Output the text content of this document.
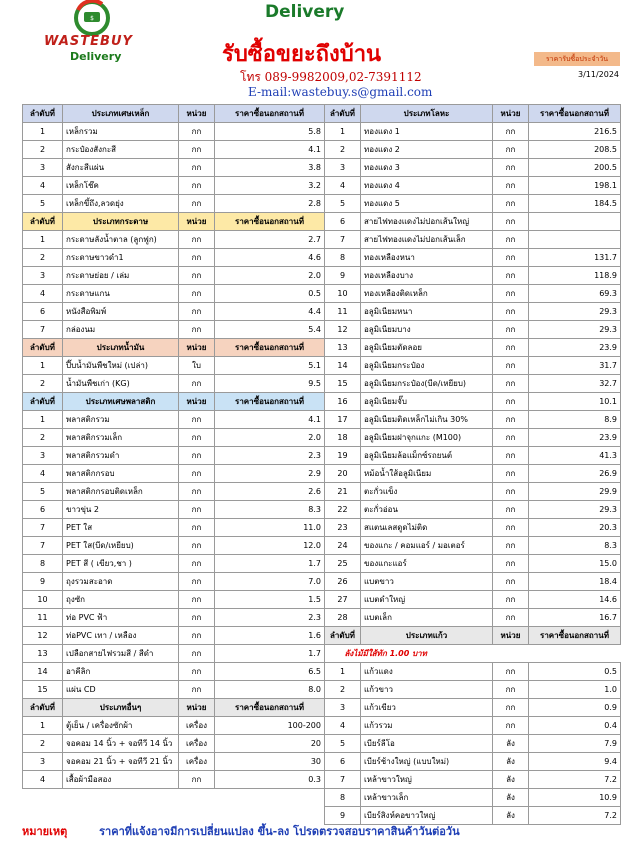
$
WASTEBUY
Delivery
Delivery
รับซื้อขยะถึงบ้าน
โทร 089-9982009,02-7391112
E-mail:wastebuy.s@gmail.com
ราคารับซื้อประจำวัน
3/11/2024
ลำดับที่	ประเภทเศษเหล็ก	หน่วย	ราคาซื้อนอกสถานที่
1	เหล็กรวม	กก	5.8
2	กระป๋องสังกะสี	กก	4.1
3	สังกะสีแผ่น	กก	3.8
4	เหล็กโช๊ค	กก	3.2
5	เหล็กขึ้ถึง,ลวดยุ่ง	กก	2.8
ลำดับที่	ประเภทกระดาษ	หน่วย	ราคาซื้อนอกสถานที่
1	กระดาษลังน้ำตาล (ลูกฟูก)	กก	2.7
2	กระดาษขาวดำ1	กก	4.6
3	กระดาษย่อย / เล่ม	กก	2.0
4	กระดาษแกน	กก	0.5
6	หนังสือพิมพ์	กก	4.4
7	กล่องนม	กก	5.4
ลำดับที่	ประเภทน้ำมัน	หน่วย	ราคาซื้อนอกสถานที่
1	ปี๊บน้ำมันพืชใหม่ (เปล่า)	ใบ	5.1
2	น้ำมันพืชเก่า (KG)	กก	9.5
ลำดับที่	ประเภทเศษพลาสติก	หน่วย	ราคาซื้อนอกสถานที่
1	พลาสติกรวม	กก	4.1
2	พลาสติกรวมเล็ก	กก	2.0
3	พลาสติกรวมดำ	กก	2.3
4	พลาสติกกรอบ	กก	2.9
5	พลาสติกกรอบติดเหล็ก	กก	2.6
6	ขาวขุ่น 2	กก	8.3
7	PET ใส	กก	11.0
7	PET ใส(บีด/เหยียบ)	กก	12.0
8	PET สี ( เขียว,ชา )	กก	1.7
9	ถุงรวมสะอาด	กก	7.0
10	ถุงซัก	กก	1.5
11	ท่อ PVC ฟ้า	กก	2.3
12	ท่อPVC เทา / เหลือง	กก	1.6
13	เปลือกสายไฟรวมสี / สีดำ	กก	1.7
14	อาคีลิก	กก	6.5
15	แผ่น CD	กก	8.0
ลำดับที่	ประเภทอื่นๆ	หน่วย	ราคาซื้อนอกสถานที่
1	ตู้เย็น / เครื่องซักผ้า	เครื่อง	100-200
2	จอคอม 14 นิ้ว + จอทีวี 14 นิ้ว	เครื่อง	20
3	จอคอม 21 นิ้ว + จอทีวี 21 นิ้ว	เครื่อง	30
4	เสื้อผ้ามือสอง	กก	0.3
ลำดับที่	ประเภทโลหะ	หน่วย	ราคาซื้อนอกสถานที่
1	ทองแดง 1	กก	216.5
2	ทองแดง 2	กก	208.5
3	ทองแดง 3	กก	200.5
4	ทองแดง 4	กก	198.1
5	ทองแดง 5	กก	184.5
6	สายไฟทองแดงไม่ปอกเส้นใหญ่	กก	
7	สายไฟทองแดงไม่ปอกเส้นเล็ก	กก	
8	ทองเหลืองหนา	กก	131.7
9	ทองเหลืองบาง	กก	118.9
10	ทองเหลืองติดเหล็ก	กก	69.3
11	อลูมิเนียมหนา	กก	29.3
12	อลูมิเนียมบาง	กก	29.3
13	อลูมิเนียมตัดลอย	กก	23.9
14	อลูมิเนียมกระป๋อง	กก	31.7
15	อลูมิเนียมกระป๋อง(บีด/เหยียบ)	กก	32.7
16	อลูมิเนียมจั๊บ	กก	10.1
17	อลูมิเนียมติดเหล็กไม่เกิน 30%	กก	8.9
18	อลูมิเนียมฝาจุกแกะ (M100)	กก	23.9
19	อลูมิเนียมล้อแม็กซ์รถยนต์	กก	41.3
20	หม้อน้ำใส้อลูมิเนียม	กก	26.9
21	ตะกั่วแข็ง	กก	29.9
22	ตะกั่วอ่อน	กก	29.3
23	สแตนเลสดูดไม่ติด	กก	20.3
24	ของแกะ / คอมแอร์ / มอเตอร์	กก	8.3
25	ของแกะแอร์	กก	15.0
26	แบตขาว	กก	18.4
27	แบตดำใหญ่	กก	14.6
28	แบตเล็ก	กก	16.7
ลำดับที่	ประเภทแก้ว	หน่วย	ราคาซื้อนอกสถานที่
ลังไม้มีใส้ทัก 1.00 บาท			
1	แก้วแดง	กก	0.5
2	แก้วขาว	กก	1.0
3	แก้วเขียว	กก	0.9
4	แก้วรวม	กก	0.4
5	เบียร์ลีโอ	ลัง	7.9
6	เบียร์ช้างใหญ่ (แบบใหม่)	ลัง	9.4
7	เหล้าขาวใหญ่	ลัง	7.2
8	เหล้าขาวเล็ก	ลัง	10.9
9	เบียร์สิงห์คอขาวใหญ่	ลัง	7.2
หมายเหตุ	ราคาที่แจ้งอาจมีการเปลี่ยนแปลง ขึ้น-ลง โปรดตรวจสอบราคาสินค้าวันต่อวัน
